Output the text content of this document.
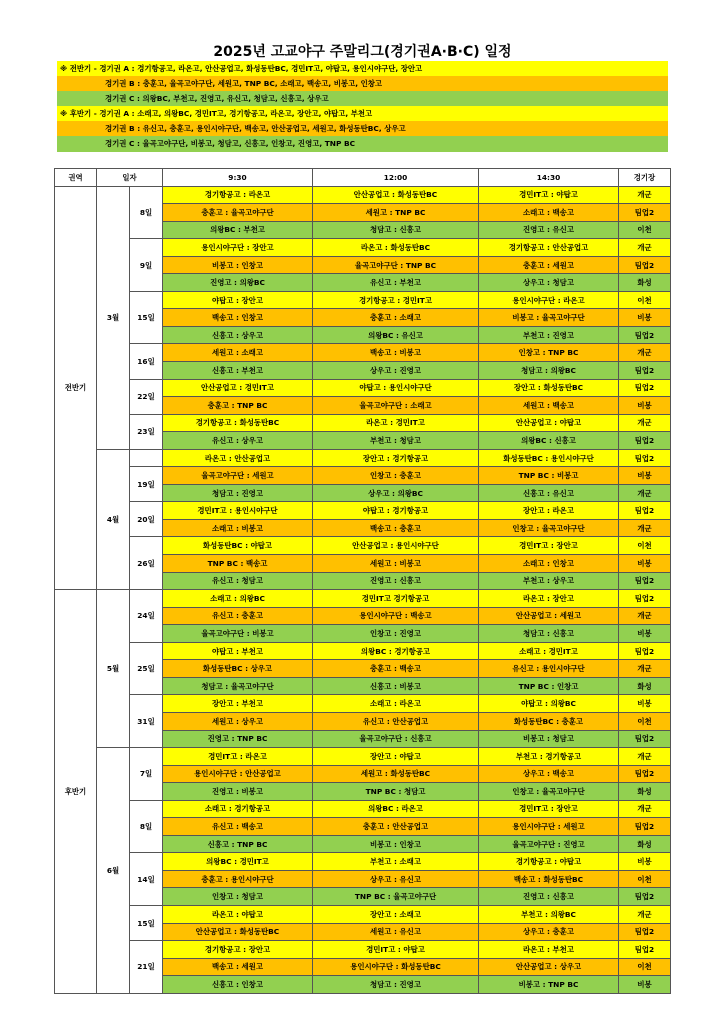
2025년 고교야구 주말리그(경기권A·B·C) 일정
※ 전반기 - 경기권 A : 경기항공고, 라온고, 안산공업고, 화성동탄BC, 경민IT고, 야탑고, 용인시야구단, 장안고
경기권 B : 충훈고, 율곡고야구단, 세원고, TNP BC, 소래고, 백송고, 비봉고, 인창고
경기권 C : 의왕BC, 부천고, 진영고, 유신고, 청담고, 신흥고, 상우고
※ 후반기 - 경기권 A : 소래고, 의왕BC, 경민IT고, 경기항공고, 라온고, 장안고, 야탑고, 부천고
경기권 B : 유신고, 충훈고, 용인시야구단, 백송고, 안산공업고, 세원고, 화성동탄BC, 상우고
경기권 C : 율곡고야구단, 비봉고, 청담고, 신흥고, 인창고, 진영고, TNP BC
권역	일자		9:30	12:00	14:30	경기장
전반기	3월	8일	경기항공고 : 라온고	안산공업고 : 화성동탄BC	경민IT고 : 야탑고	개군
			충훈고 : 율곡고야구단	세원고 : TNP BC	소래고 : 백송고	팀업2
			의왕BC : 부천고	청담고 : 신흥고	진영고 : 유신고	이천
		9일	용인시야구단 : 장안고	라온고 : 화성동탄BC	경기항공고 : 안산공업고	개군
			비봉고 : 인창고	율곡고야구단 : TNP BC	충훈고 : 세원고	팀업2
			진영고 : 의왕BC	유신고 : 부천고	상우고 : 청담고	화성
		15일	야탑고 : 장안고	경기항공고 : 경민IT고	용인시야구단 : 라온고	이천
			백송고 : 인창고	충훈고 : 소래고	비봉고 : 율곡고야구단	비봉
			신흥고 : 상우고	의왕BC : 유신고	부천고 : 진영고	팀업2
		16일	세원고 : 소래고	백송고 : 비봉고	인창고 : TNP BC	개군
			신흥고 : 부천고	상우고 : 진영고	청담고 : 의왕BC	팀업2
		22일	안산공업고 : 경민IT고	야탑고 : 용인시야구단	장안고 : 화성동탄BC	팀업2
			충훈고 : TNP BC	율곡고야구단 : 소래고	세원고 : 백송고	비봉
		23일	경기항공고 : 화성동탄BC	라온고 : 경민IT고	안산공업고 : 야탑고	개군
			유신고 : 상우고	부천고 : 청담고	의왕BC : 신흥고	팀업2
	4월		라온고 : 안산공업고	장안고 : 경기항공고	화성동탄BC : 용인시야구단	팀업2
		19일	율곡고야구단 : 세원고	인창고 : 충훈고	TNP BC : 비봉고	비봉
			청담고 : 진영고	상우고 : 의왕BC	신흥고 : 유신고	개군
		20일	경민IT고 : 용인시야구단	야탑고 : 경기항공고	장안고 : 라온고	팀업2
			소래고 : 비봉고	백송고 : 충훈고	인창고 : 율곡고야구단	개군
		26일	화성동탄BC : 야탑고	안산공업고 : 용인시야구단	경민IT고 : 장안고	이천
			TNP BC : 백송고	세원고 : 비봉고	소래고 : 인창고	비봉
			유신고 : 청담고	진영고 : 신흥고	부천고 : 상우고	팀업2
후반기	5월	24일	소래고 : 의왕BC	경민IT고 경기항공고	라온고 : 장안고	팀업2
			유신고 : 충훈고	용인시야구단 : 백송고	안산공업고 : 세원고	개군
			율곡고야구단 : 비봉고	인창고 : 진영고	청담고 : 신흥고	비봉
		25일	야탑고 : 부천고	의왕BC : 경기항공고	소래고 : 경민IT고	팀업2
			화성동탄BC : 상우고	충훈고 : 백송고	유신고 : 용인시야구단	개군
			청담고 : 율곡고야구단	신흥고 : 비봉고	TNP BC : 인창고	화성
		31일	장안고 : 부천고	소래고 : 라온고	야탑고 : 의왕BC	비봉
			세원고 : 상우고	유신고 : 안산공업고	화성동탄BC : 충훈고	이천
			진영고 : TNP BC	율곡고야구단 : 신흥고	비봉고 : 청담고	팀업2
	6월	7일	경민IT고 : 라온고	장안고 : 야탑고	부천고 : 경기항공고	개군
			용인시야구단 : 안산공업고	세원고 : 화성동탄BC	상우고 : 백송고	팀업2
			진영고 : 비봉고	TNP BC : 청담고	인창고 : 율곡고야구단	화성
		8일	소래고 : 경기항공고	의왕BC : 라온고	경민IT고 : 장안고	개군
			유신고 : 백송고	충훈고 : 안산공업고	용인시야구단 : 세원고	팀업2
			신흥고 : TNP BC	비봉고 : 인창고	율곡고야구단 : 진영고	화성
		14일	의왕BC : 경민IT고	부천고 : 소래고	경기항공고 : 야탑고	비봉
			충훈고 : 용인시야구단	상우고 : 유신고	백송고 : 화성동탄BC	이천
			인창고 : 청담고	TNP BC : 율곡고야구단	진영고 : 신흥고	팀업2
		15일	라온고 : 야탑고	장안고 : 소래고	부천고 : 의왕BC	개군
			안산공업고 : 화성동탄BC	세원고 : 유신고	상우고 : 충훈고	팀업2
		21일	경기항공고 : 장안고	경민IT고 : 야탑고	라온고 : 부천고	팀업2
			백송고 : 세원고	용인시야구단 : 화성동탄BC	안산공업고 : 상우고	이천
			신흥고 : 인창고	청담고 : 진영고	비봉고 : TNP BC	비봉
